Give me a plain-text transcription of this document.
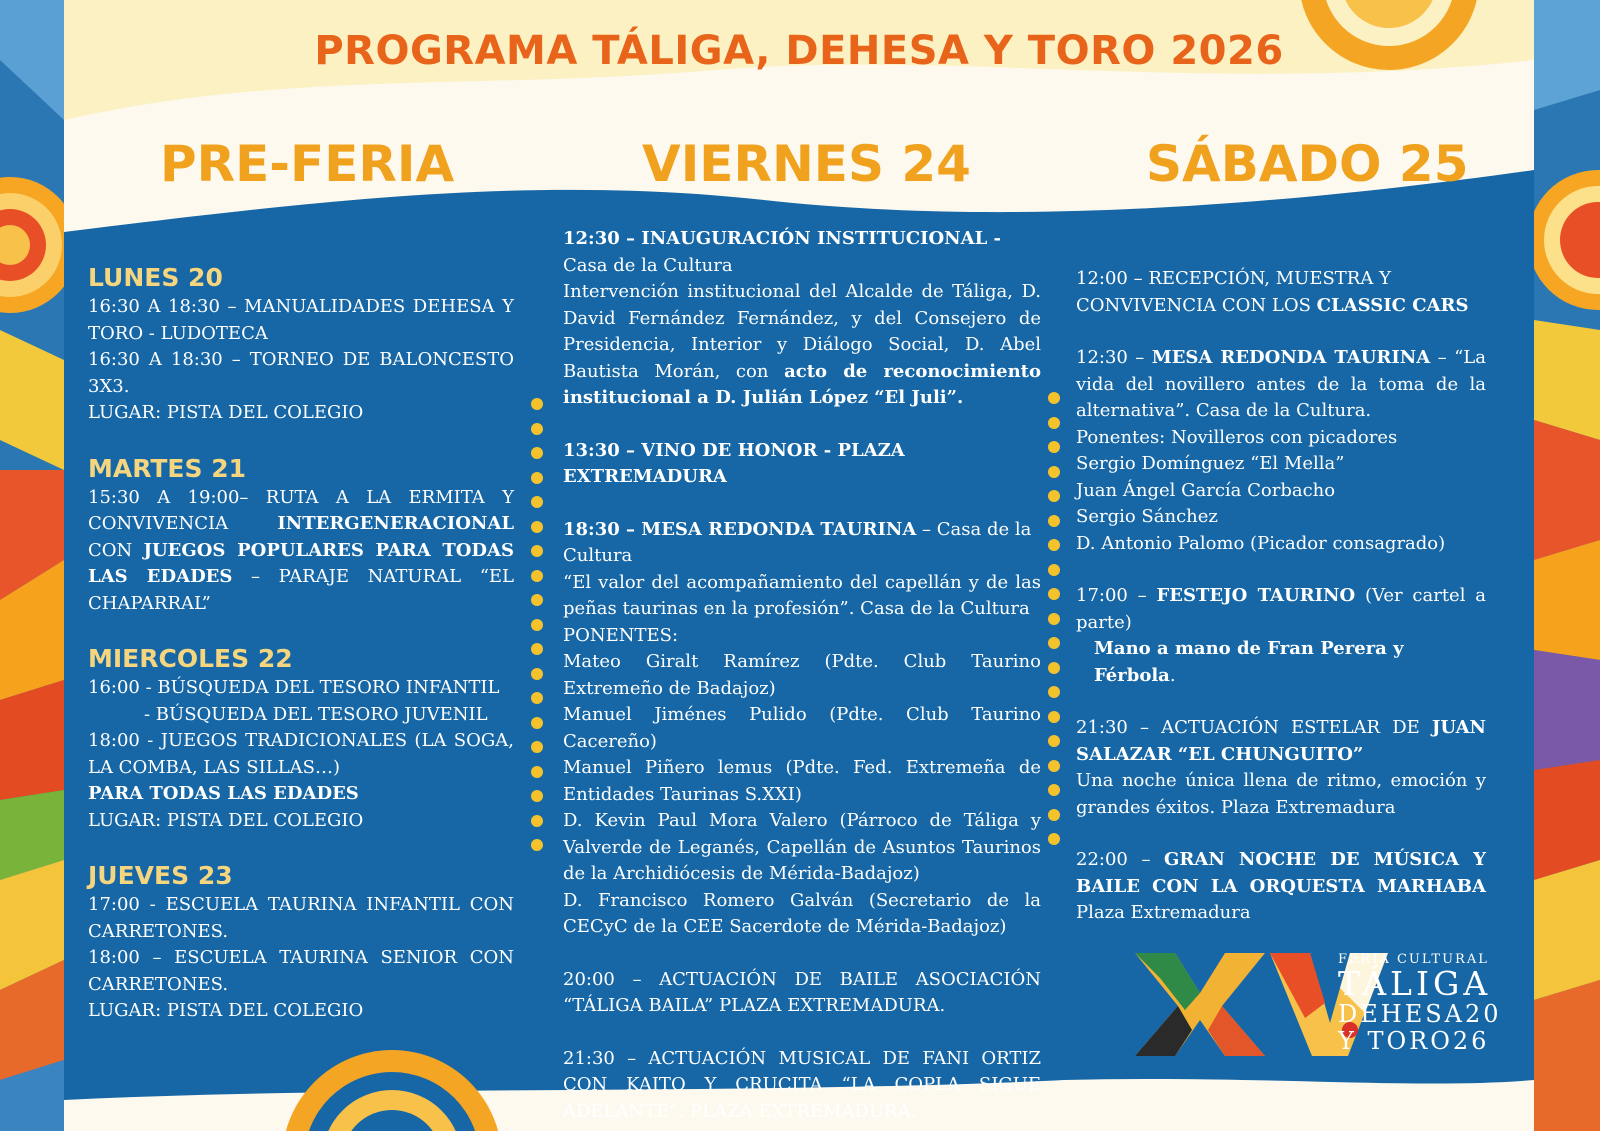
PROGRAMA TÁLIGA, DEHESA Y TORO 2026
PRE-FERIA	VIERNES 24	SÁBADO 25

LUNES 20

16:30 A 18:30 – MANUALIDADES DEHESA Y TORO - LUDOTECA

16:30 A 18:30 – TORNEO DE BALONCESTO 3X3.

LUGAR: PISTA DEL COLEGIO

MARTES 21

15:30 A 19:00– RUTA A LA ERMITA Y CONVIVENCIA	INTERGENERACIONAL CON JUEGOS POPULARES PARA TODAS LAS EDADES – PARAJE NATURAL “EL CHAPARRAL”

MIERCOLES 22

16:00 - BÚSQUEDA DEL TESORO INFANTIL

- BÚSQUEDA DEL TESORO JUVENIL

18:00 - JUEGOS TRADICIONALES (LA SOGA, LA COMBA, LAS SILLAS…)

PARA TODAS LAS EDADES

LUGAR: PISTA DEL COLEGIO

JUEVES 23

17:00 - ESCUELA TAURINA INFANTIL CON CARRETONES.

18:00 – ESCUELA TAURINA SENIOR CON CARRETONES.

LUGAR: PISTA DEL COLEGIO

12:30 – INAUGURACIÓN INSTITUCIONAL -

Casa de la Cultura

Intervención institucional del Alcalde de Táliga, D. David Fernández Fernández, y del Consejero de Presidencia, Interior y Diálogo Social, D. Abel Bautista Morán, con acto de reconocimiento institucional a D. Julián López “El Juli”.

13:30 – VINO DE HONOR - PLAZA EXTREMADURA

18:30 – MESA REDONDA TAURINA – Casa de la Cultura

“El valor del acompañamiento del capellán y de las peñas taurinas en la profesión”. Casa de la Cultura

PONENTES:

Mateo Giralt Ramírez (Pdte. Club Taurino Extremeño de Badajoz)

Manuel Jiménes Pulido (Pdte. Club Taurino Cacereño)

Manuel Piñero lemus (Pdte. Fed. Extremeña de Entidades Taurinas S.XXI)

D. Kevin Paul Mora Valero (Párroco de Táliga y Valverde de Leganés, Capellán de Asuntos Taurinos de la Archidiócesis de Mérida-Badajoz)

D. Francisco Romero Galván (Secretario de la CECyC de la CEE Sacerdote de Mérida-Badajoz)

20:00 – ACTUACIÓN DE BAILE ASOCIACIÓN “TÁLIGA BAILA” PLAZA EXTREMADURA.

21:30 – ACTUACIÓN MUSICAL DE FANI ORTIZ CON KAITO Y CRUCITA “LA COPLA SIGUE ADELANTE”. PLAZA EXTREMADURA.

12:00 – RECEPCIÓN, MUESTRA Y CONVIVENCIA CON LOS CLASSIC CARS

12:30 – MESA REDONDA TAURINA – “La vida del novillero antes de la toma de la alternativa”. Casa de la Cultura.

Ponentes: Novilleros con picadores

Sergio Domínguez “El Mella”

Juan Ángel García Corbacho

Sergio Sánchez

D. Antonio Palomo (Picador consagrado)

17:00 – FESTEJO TAURINO (Ver cartel a parte)

Mano a mano de Fran Perera y Férbola.

21:30 – ACTUACIÓN ESTELAR DE JUAN SALAZAR “EL CHUNGUITO”

Una noche única llena de ritmo, emoción y grandes éxitos. Plaza Extremadura

22:00 – GRAN NOCHE DE MÚSICA Y BAILE CON LA ORQUESTA MARHABA Plaza Extremadura

FERIA CULTURAL
TÁLIGA
DEHESA20
Y TORO26
